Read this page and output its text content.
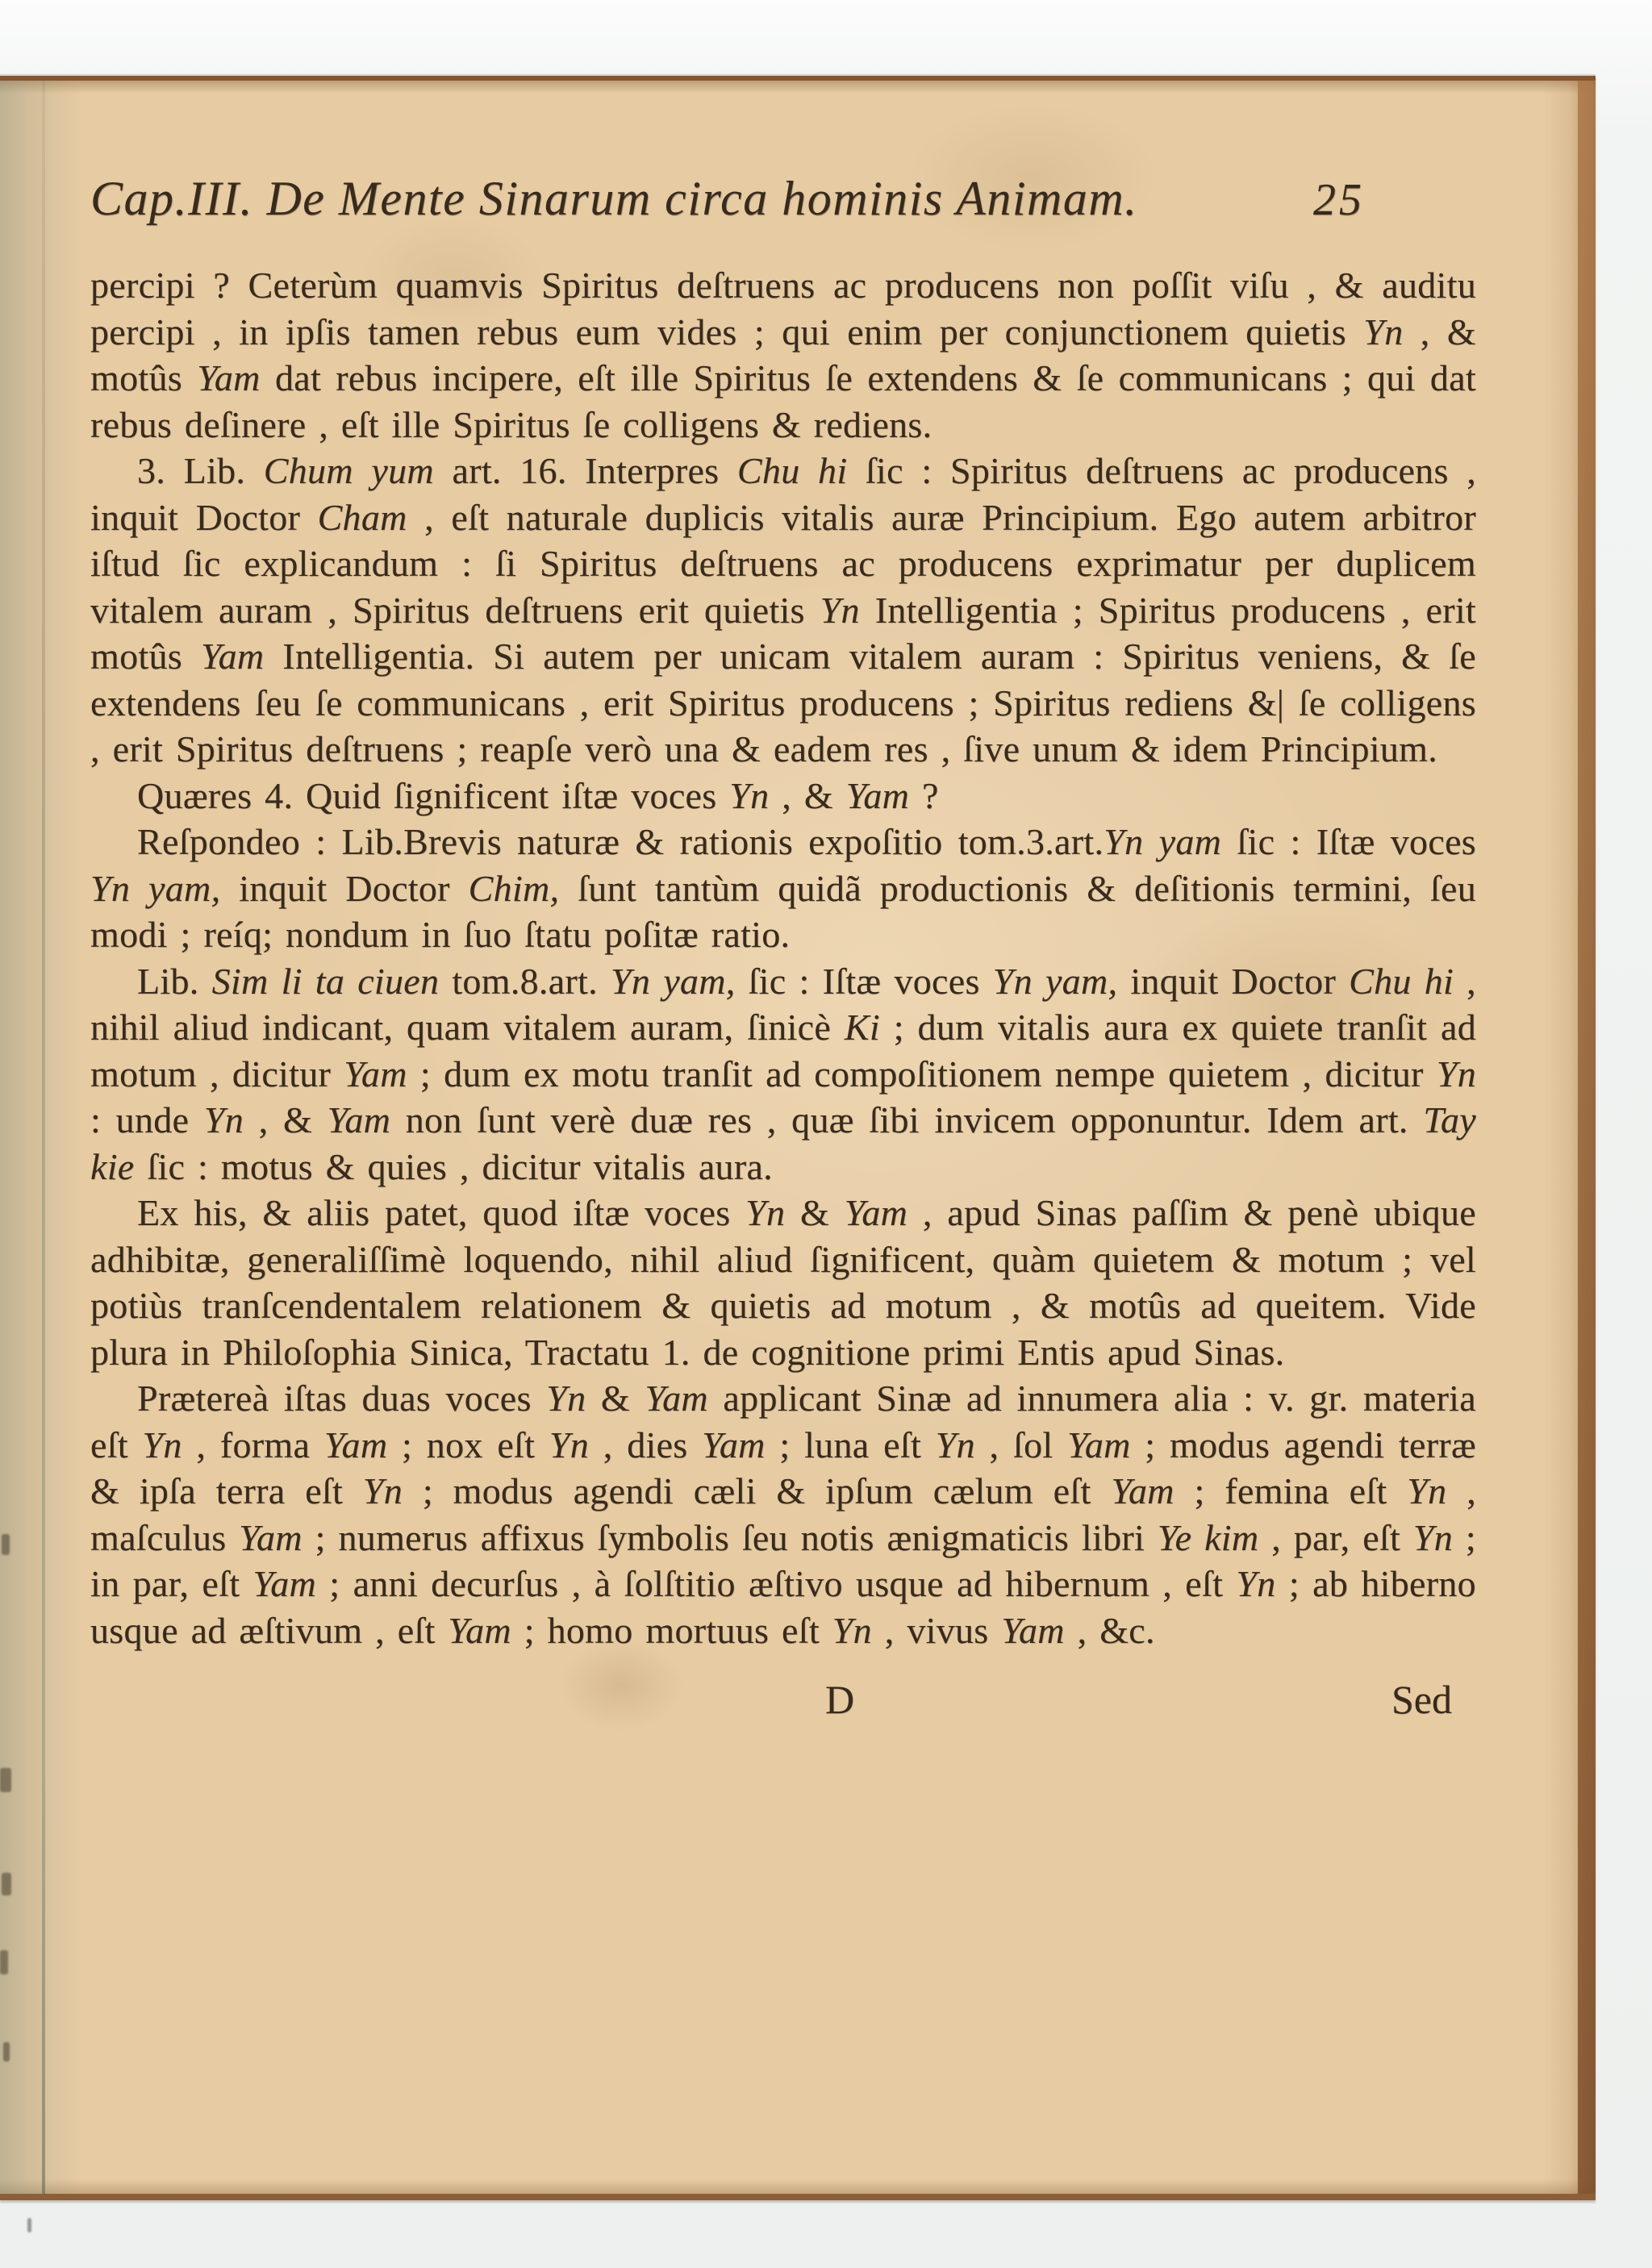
Cap.III. De Mente Sinarum circa hominis Animam.	25

percipi ? Ceterùm quamvis Spiritus deſtruens ac producens non poſſit viſu , & auditu percipi , in ipſis tamen rebus eum vides ; qui enim per conjunctionem quietis Yn , & motûs Yam dat rebus incipere, eſt ille Spiritus ſe extendens & ſe communicans ; qui dat rebus deſinere , eſt ille Spiritus ſe colligens & rediens.

3. Lib. Chum yum art. 16. Interpres Chu hi ſic : Spiritus deſtruens ac producens , inquit Doctor Cham , eſt naturale duplicis vitalis auræ Principium. Ego autem arbitror iſtud ſic explicandum : ſi Spiritus deſtruens ac producens exprimatur per duplicem vitalem auram , Spiritus deſtruens erit quietis Yn Intelligentia ; Spiritus producens , erit motûs Yam Intelligentia. Si autem per unicam vitalem auram : Spiritus veniens, & ſe extendens ſeu ſe communicans , erit Spiritus producens ; Spiritus rediens &| ſe colligens , erit Spiritus deſtruens ; reapſe verò una & eadem res , ſive unum & idem Principium.

Quæres 4. Quid ſignificent iſtæ voces Yn , & Yam ?

Reſpondeo : Lib.Brevis naturæ & rationis expoſitio tom.3.art.Yn yam ſic : Iſtæ voces Yn yam, inquit Doctor Chim, ſunt tantùm quidã productionis & deſitionis termini, ſeu modi ; reíq; nondum in ſuo ſtatu poſitæ ratio.

Lib. Sim li ta ciuen tom.8.art. Yn yam, ſic : Iſtæ voces Yn yam, inquit Doctor Chu hi , nihil aliud indicant, quam vitalem auram, ſinicè Ki ; dum vitalis aura ex quiete tranſit ad motum , dicitur Yam ; dum ex motu tranſit ad compoſitionem nempe quietem , dicitur Yn : unde Yn , & Yam non ſunt verè duæ res , quæ ſibi invicem opponuntur. Idem art. Tay kie ſic : motus & quies , dicitur vitalis aura.

Ex his, & aliis patet, quod iſtæ voces Yn & Yam , apud Sinas paſſim & penè ubique adhibitæ, generaliſſimè loquendo, nihil aliud ſignificent, quàm quietem & motum ; vel potiùs tranſcendentalem relationem & quietis ad motum , & motûs ad queitem. Vide plura in Philoſophia Sinica, Tractatu 1. de cognitione primi Entis apud Sinas.

Prætereà iſtas duas voces Yn & Yam applicant Sinæ ad innumera alia : v. gr. materia eſt Yn , forma Yam ; nox eſt Yn , dies Yam ; luna eſt Yn , ſol Yam ; modus agendi terræ & ipſa terra eſt Yn ; modus agendi cæli & ipſum cælum eſt Yam ; femina eſt Yn , maſculus Yam ; numerus affixus ſymbolis ſeu notis ænigmaticis libri Ye kim , par, eſt Yn ; in par, eſt Yam ; anni decurſus , à ſolſtitio æſtivo usque ad hibernum , eſt Yn ; ab hiberno usque ad æſtivum , eſt Yam ; homo mortuus eſt Yn , vivus Yam , &c.

D	Sed
